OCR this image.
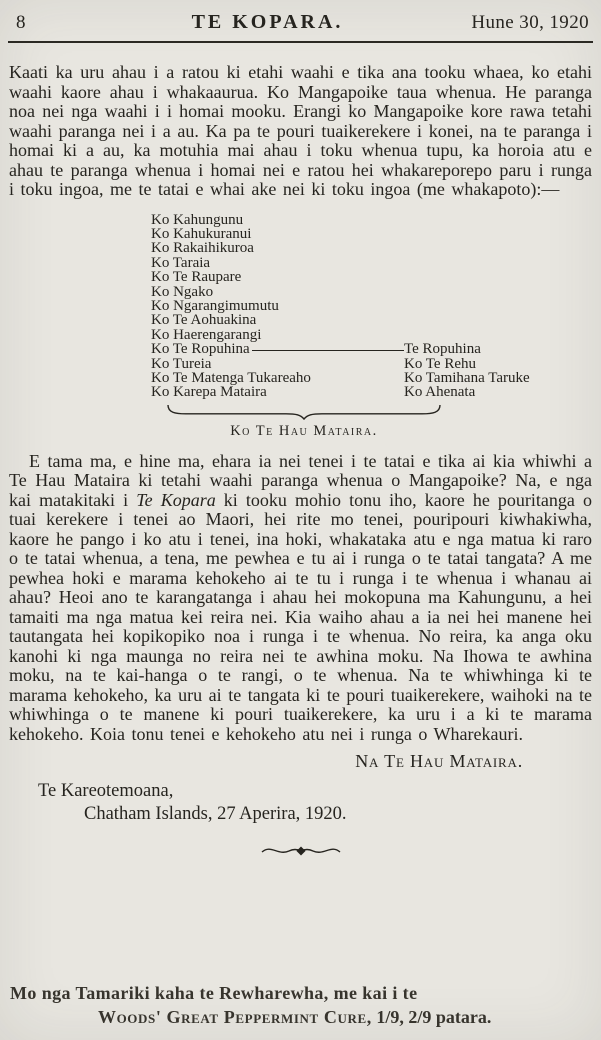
8	TE KOPARA.	Hune 30, 1920

Kaati ka uru ahau i a ratou ki etahi waahi e tika ana tooku whaea, ko etahi waahi kaore ahau i whakaaurua. Ko Mangapoike taua whenua. He paranga noa nei nga waahi i i homai mooku. Erangi ko Mangapoike kore rawa tetahi waahi paranga nei i a au. Ka pa te pouri tuaikerekere i konei, na te paranga i homai ki a au, ka motuhia mai ahau i toku whenua tupu, ka horoia atu e ahau te paranga whenua i homai nei e ratou hei whakareporepo paru i runga i toku ingoa, me te tatai e whai ake nei ki toku ingoa (me whakapoto):—

Ko Kahungunu
Ko Kahukuranui
Ko Rakaihikuroa
Ko Taraia
Ko Te Raupare
Ko Ngako
Ko Ngarangimumutu
Ko Te Aohuakina
Ko Haerengarangi
Ko Te Ropuhina	Te Ropuhina
Ko Tureia	Ko Te Rehu
Ko Te Matenga Tukareaho	Ko Tamihana Taruke
Ko Karepa Mataira	Ko Ahenata
Ko Te Hau Mataira.

E tama ma, e hine ma, ehara ia nei tenei i te tatai e tika ai kia whiwhi a Te Hau Mataira ki tetahi waahi paranga whenua o Mangapoike? Na, e nga kai matakitaki i Te Kopara ki tooku mohio tonu iho, kaore he pouritanga o tuai kerekere i tenei ao Maori, hei rite mo tenei, pouripouri kiwhakiwha, kaore he pango i ko atu i tenei, ina hoki, whakataka atu e nga matua ki raro o te tatai whenua, a tena, me pewhea e tu ai i runga o te tatai tangata? A me pewhea hoki e marama kehokeho ai te tu i runga i te whenua i whanau ai ahau? Heoi ano te karangatanga i ahau hei mokopuna ma Kahungunu, a hei tamaiti ma nga matua kei reira nei. Kia waiho ahau a ia nei hei manene hei tautangata hei kopikopiko noa i runga i te whenua. No reira, ka anga oku kanohi ki nga maunga no reira nei te awhina moku. Na Ihowa te awhina moku, na te kai-hanga o te rangi, o te whenua. Na te whiwhinga ki te marama kehokeho, ka uru ai te tangata ki te pouri tuaikerekere, waihoki na te whiwhinga o te manene ki pouri tuaikerekere, ka uru i a ki te marama kehokeho. Koia tonu tenei e kehokeho atu nei i runga o Wharekauri.

Na Te Hau Mataira.
Te Kareotemoana,
Chatham Islands, 27 Aperira, 1920.
Mo nga Tamariki kaha te Rewharewha, me kai i te
Woods' Great Peppermint Cure, 1/9, 2/9 patara.
